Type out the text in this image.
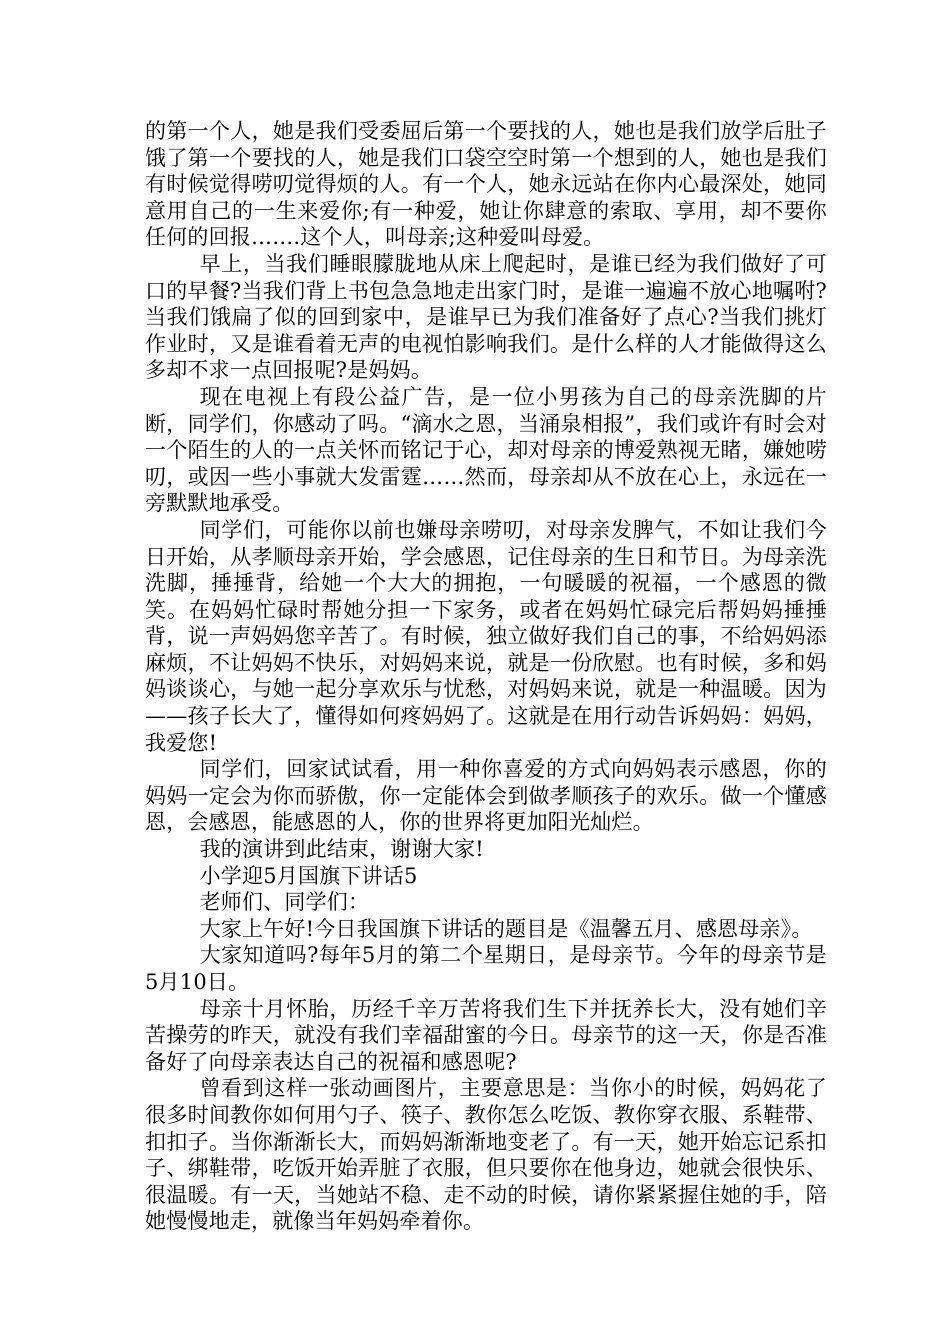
的第一个人，她是我们受委屈后第一个要找的人，她也是我们放学后肚子饿了第一个要找的人，她是我们口袋空空时第一个想到的人，她也是我们有时候觉得唠叨觉得烦的人。有一个人，她永远站在你内心最深处，她同意用自己的一生来爱你;有一种爱，她让你肆意的索取、享用，却不要你任何的回报…….这个人，叫母亲;这种爱叫母爱。

早上，当我们睡眼朦胧地从床上爬起时，是谁已经为我们做好了可口的早餐?当我们背上书包急急地走出家门时，是谁一遍遍不放心地嘱咐?当我们饿扁了似的回到家中，是谁早已为我们准备好了点心?当我们挑灯作业时，又是谁看着无声的电视怕影响我们。是什么样的人才能做得这么多却不求一点回报呢?是妈妈。

现在电视上有段公益广告，是一位小男孩为自己的母亲洗脚的片断，同学们，你感动了吗。“滴水之恩，当涌泉相报”，我们或许有时会对一个陌生的人的一点关怀而铭记于心，却对母亲的博爱熟视无睹，嫌她唠叨，或因一些小事就大发雷霆……然而，母亲却从不放在心上，永远在一旁默默地承受。

同学们，可能你以前也嫌母亲唠叨，对母亲发脾气，不如让我们今日开始，从孝顺母亲开始，学会感恩，记住母亲的生日和节日。为母亲洗洗脚，捶捶背，给她一个大大的拥抱，一句暖暖的祝福，一个感恩的微笑。在妈妈忙碌时帮她分担一下家务，或者在妈妈忙碌完后帮妈妈捶捶背，说一声妈妈您辛苦了。有时候，独立做好我们自己的事，不给妈妈添麻烦，不让妈妈不快乐，对妈妈来说，就是一份欣慰。也有时候，多和妈妈谈谈心，与她一起分享欢乐与忧愁，对妈妈来说，就是一种温暖。因为——孩子长大了，懂得如何疼妈妈了。这就是在用行动告诉妈妈：妈妈，我爱您!

同学们，回家试试看，用一种你喜爱的方式向妈妈表示感恩，你的妈妈一定会为你而骄傲，你一定能体会到做孝顺孩子的欢乐。做一个懂感恩，会感恩，能感恩的人，你的世界将更加阳光灿烂。

我的演讲到此结束，谢谢大家!

小学迎5月国旗下讲话5

老师们、同学们：

大家上午好!今日我国旗下讲话的题目是《温馨五月、感恩母亲》。

大家知道吗?每年5月的第二个星期日，是母亲节。今年的母亲节是5月10日。

母亲十月怀胎，历经千辛万苦将我们生下并抚养长大，没有她们辛苦操劳的昨天，就没有我们幸福甜蜜的今日。母亲节的这一天，你是否准备好了向母亲表达自己的祝福和感恩呢?

曾看到这样一张动画图片，主要意思是：当你小的时候，妈妈花了很多时间教你如何用勺子、筷子、教你怎么吃饭、教你穿衣服、系鞋带、扣扣子。当你渐渐长大，而妈妈渐渐地变老了。有一天，她开始忘记系扣子、绑鞋带，吃饭开始弄脏了衣服，但只要你在他身边，她就会很快乐、很温暖。有一天，当她站不稳、走不动的时候，请你紧紧握住她的手，陪她慢慢地走，就像当年妈妈牵着你。
